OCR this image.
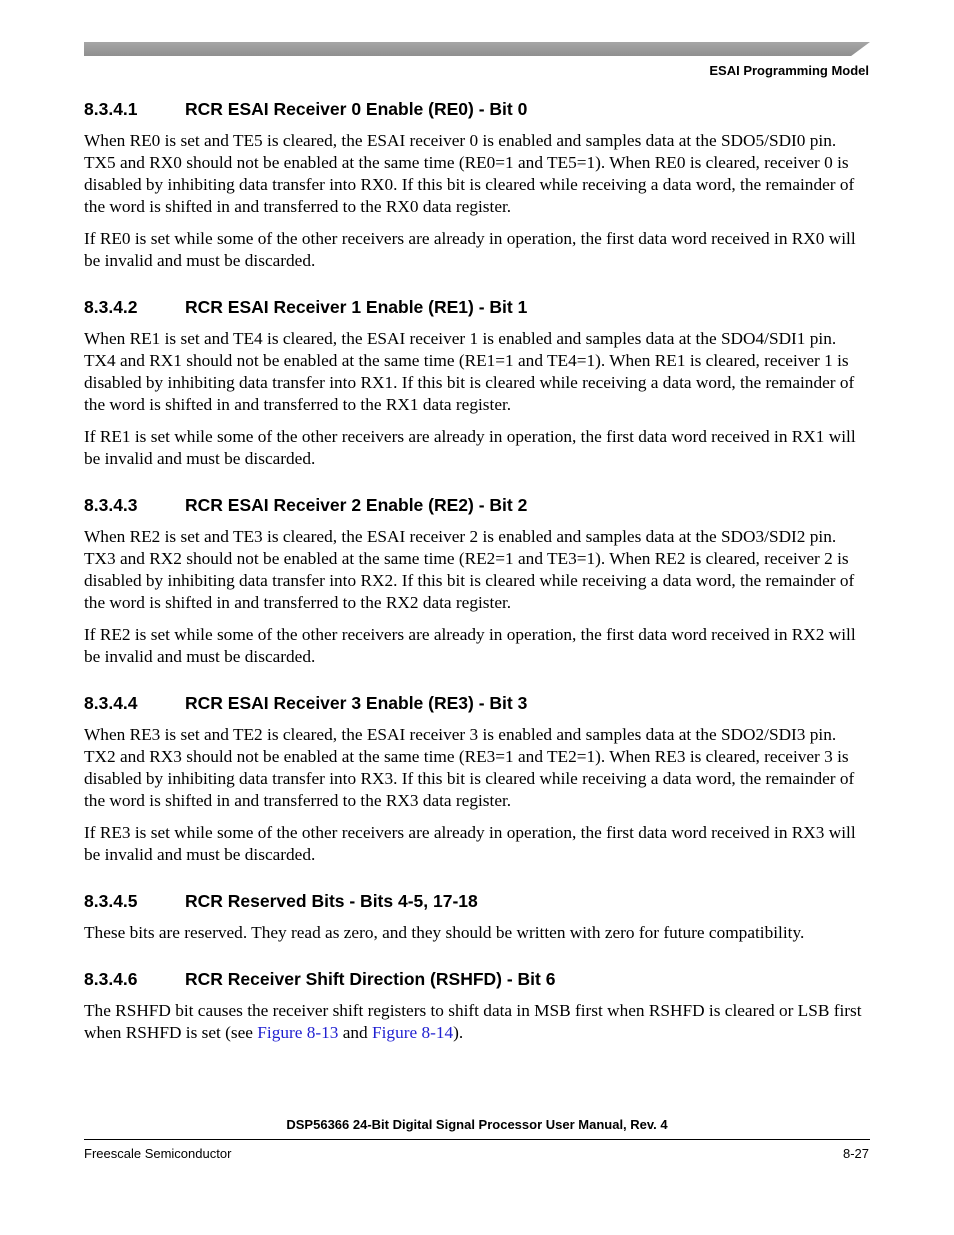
ESAI Programming Model
8.3.4.1	RCR ESAI Receiver 0 Enable (RE0) - Bit 0

When RE0 is set and TE5 is cleared, the ESAI receiver 0 is enabled and samples data at the SDO5/SDI0 pin. TX5 and RX0 should not be enabled at the same time (RE0=1 and TE5=1). When RE0 is cleared, receiver 0 is disabled by inhibiting data transfer into RX0. If this bit is cleared while receiving a data word, the remainder of the word is shifted in and transferred to the RX0 data register.

If RE0 is set while some of the other receivers are already in operation, the first data word received in RX0 will be invalid and must be discarded.

8.3.4.2	RCR ESAI Receiver 1 Enable (RE1) - Bit 1

When RE1 is set and TE4 is cleared, the ESAI receiver 1 is enabled and samples data at the SDO4/SDI1 pin. TX4 and RX1 should not be enabled at the same time (RE1=1 and TE4=1). When RE1 is cleared, receiver 1 is disabled by inhibiting data transfer into RX1. If this bit is cleared while receiving a data word, the remainder of the word is shifted in and transferred to the RX1 data register.

If RE1 is set while some of the other receivers are already in operation, the first data word received in RX1 will be invalid and must be discarded.

8.3.4.3	RCR ESAI Receiver 2 Enable (RE2) - Bit 2

When RE2 is set and TE3 is cleared, the ESAI receiver 2 is enabled and samples data at the SDO3/SDI2 pin. TX3 and RX2 should not be enabled at the same time (RE2=1 and TE3=1). When RE2 is cleared, receiver 2 is disabled by inhibiting data transfer into RX2. If this bit is cleared while receiving a data word, the remainder of the word is shifted in and transferred to the RX2 data register.

If RE2 is set while some of the other receivers are already in operation, the first data word received in RX2 will be invalid and must be discarded.

8.3.4.4	RCR ESAI Receiver 3 Enable (RE3) - Bit 3

When RE3 is set and TE2 is cleared, the ESAI receiver 3 is enabled and samples data at the SDO2/SDI3 pin. TX2 and RX3 should not be enabled at the same time (RE3=1 and TE2=1). When RE3 is cleared, receiver 3 is disabled by inhibiting data transfer into RX3. If this bit is cleared while receiving a data word, the remainder of the word is shifted in and transferred to the RX3 data register.

If RE3 is set while some of the other receivers are already in operation, the first data word received in RX3 will be invalid and must be discarded.

8.3.4.5	RCR Reserved Bits - Bits 4-5, 17-18

These bits are reserved. They read as zero, and they should be written with zero for future compatibility.

8.3.4.6	RCR Receiver Shift Direction (RSHFD) - Bit 6

The RSHFD bit causes the receiver shift registers to shift data in MSB first when RSHFD is cleared or LSB first when RSHFD is set (see Figure 8-13 and Figure 8-14).

DSP56366 24-Bit Digital Signal Processor User Manual, Rev. 4
Freescale Semiconductor	8-27
